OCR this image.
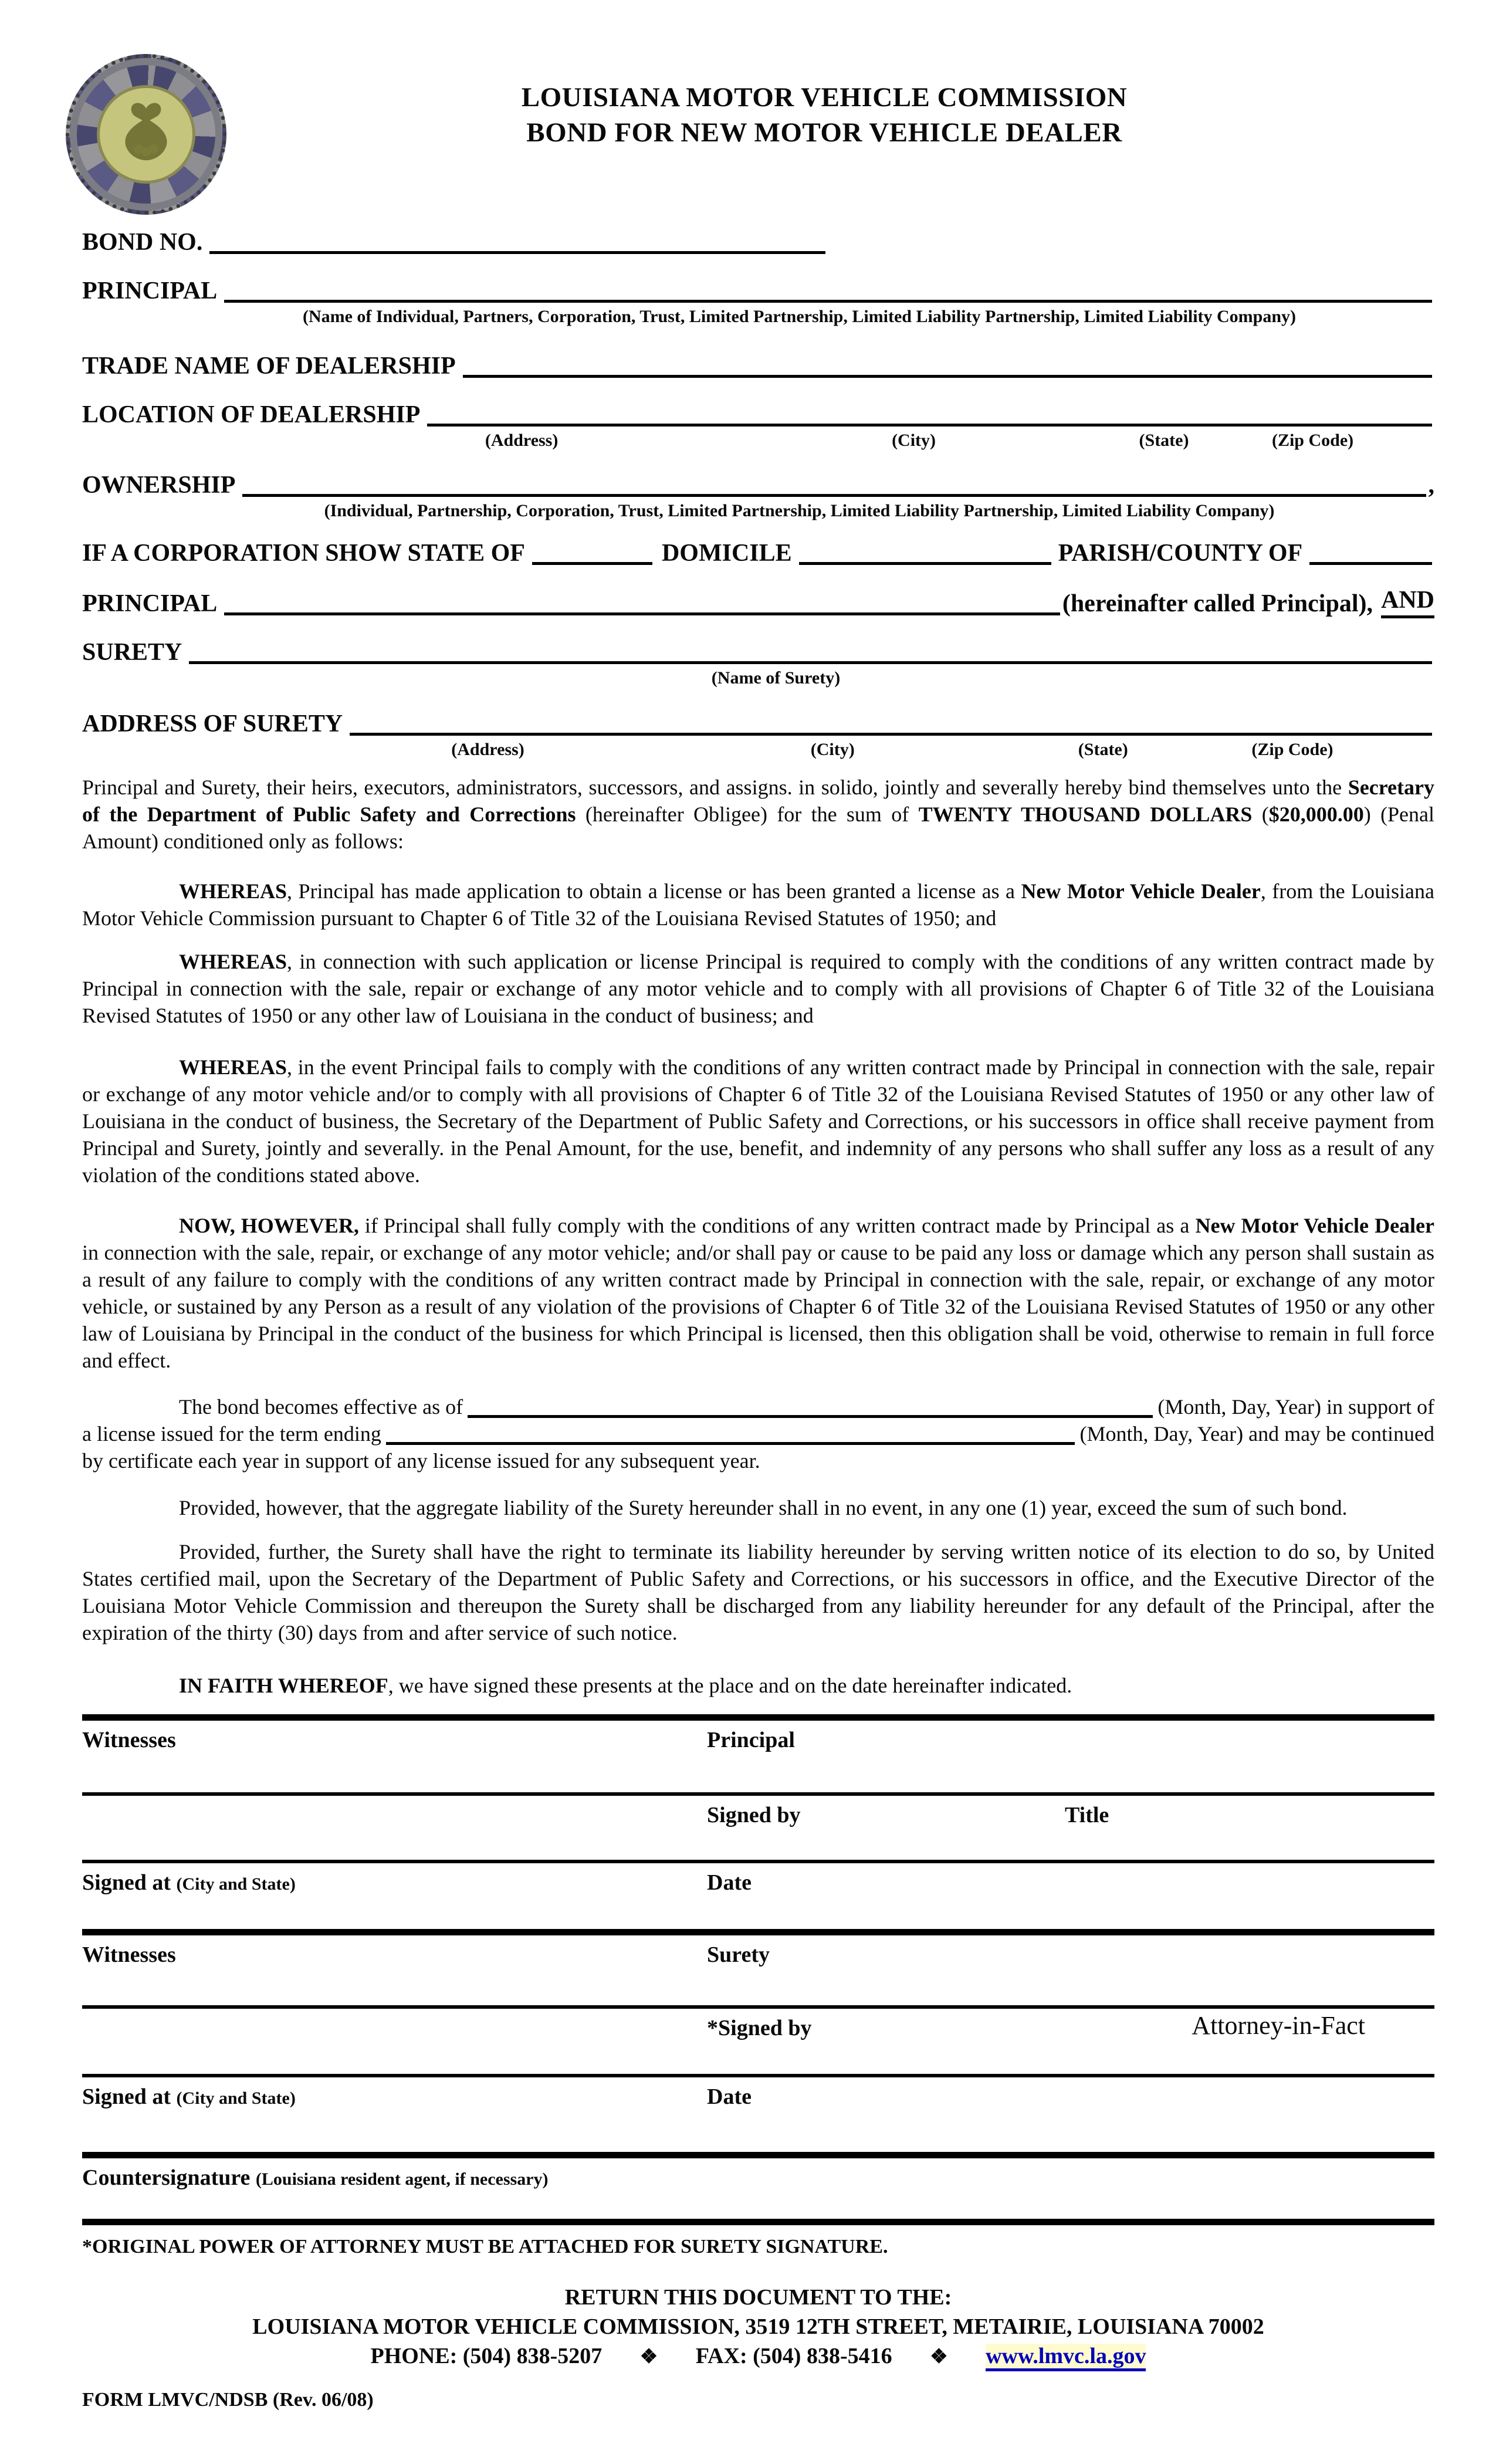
LOUISIANA MOTOR VEHICLE COMMISSION
BOND FOR NEW MOTOR VEHICLE DEALER
BOND NO.
PRINCIPAL
(Name of Individual, Partners, Corporation, Trust, Limited Partnership, Limited Liability Partnership, Limited Liability Company)
TRADE NAME OF DEALERSHIP
LOCATION OF DEALERSHIP
(Address)	(City)	(State)	(Zip Code)
OWNERSHIP	,
(Individual, Partnership, Corporation, Trust, Limited Partnership, Limited Liability Partnership, Limited Liability Company)
IF A CORPORATION SHOW STATE OF	DOMICILE	PARISH/COUNTY OF
PRINCIPAL	(hereinafter called Principal), AND
SURETY
(Name of Surety)
ADDRESS OF SURETY
(Address)	(City)	(State)	(Zip Code)

Principal and Surety, their heirs, executors, administrators, successors, and assigns. in solido, jointly and severally hereby bind themselves unto the Secretary of the Department of Public Safety and Corrections (hereinafter Obligee) for the sum of TWENTY THOUSAND DOLLARS ($20,000.00) (Penal Amount) conditioned only as follows:

WHEREAS, Principal has made application to obtain a license or has been granted a license as a New Motor Vehicle Dealer, from the Louisiana Motor Vehicle Commission pursuant to Chapter 6 of Title 32 of the Louisiana Revised Statutes of 1950; and

WHEREAS, in connection with such application or license Principal is required to comply with the conditions of any written contract made by Principal in connection with the sale, repair or exchange of any motor vehicle and to comply with all provisions of Chapter 6 of Title 32 of the Louisiana Revised Statutes of 1950 or any other law of Louisiana in the conduct of business; and

WHEREAS, in the event Principal fails to comply with the conditions of any written contract made by Principal in connection with the sale, repair or exchange of any motor vehicle and/or to comply with all provisions of Chapter 6 of Title 32 of the Louisiana Revised Statutes of 1950 or any other law of Louisiana in the conduct of business, the Secretary of the Department of Public Safety and Corrections, or his successors in office shall receive payment from Principal and Surety, jointly and severally. in the Penal Amount, for the use, benefit, and indemnity of any persons who shall suffer any loss as a result of any violation of the conditions stated above.

NOW, HOWEVER, if Principal shall fully comply with the conditions of any written contract made by Principal as a New Motor Vehicle Dealer in connection with the sale, repair, or exchange of any motor vehicle; and/or shall pay or cause to be paid any loss or damage which any person shall sustain as a result of any failure to comply with the conditions of any written contract made by Principal in connection with the sale, repair, or exchange of any motor vehicle, or sustained by any Person as a result of any violation of the provisions of Chapter 6 of Title 32 of the Louisiana Revised Statutes of 1950 or any other law of Louisiana by Principal in the conduct of the business for which Principal is licensed, then this obligation shall be void, otherwise to remain in full force and effect.

The bond becomes effective as of	(Month, Day, Year) in support of
a license issued for the term ending	(Month, Day, Year) and may be continued
by certificate each year in support of any license issued for any subsequent year.

Provided, however, that the aggregate liability of the Surety hereunder shall in no event, in any one (1) year, exceed the sum of such bond.

Provided, further, the Surety shall have the right to terminate its liability hereunder by serving written notice of its election to do so, by United States certified mail, upon the Secretary of the Department of Public Safety and Corrections, or his successors in office, and the Executive Director of the Louisiana Motor Vehicle Commission and thereupon the Surety shall be discharged from any liability hereunder for any default of the Principal, after the expiration of the thirty (30) days from and after service of such notice.

IN FAITH WHEREOF, we have signed these presents at the place and on the date hereinafter indicated.

Witnesses	Principal
Signed by	Title
Signed at (City and State)	Date
Witnesses	Surety
*Signed by	Attorney-in-Fact
Signed at (City and State)	Date
Countersignature (Louisiana resident agent, if necessary)
*ORIGINAL POWER OF ATTORNEY MUST BE ATTACHED FOR SURETY SIGNATURE.
RETURN THIS DOCUMENT TO THE:
LOUISIANA MOTOR VEHICLE COMMISSION, 3519 12TH STREET, METAIRIE, LOUISIANA 70002
PHONE: (504) 838-5207 ❖ FAX: (504) 838-5416 ❖ www.lmvc.la.gov
FORM LMVC/NDSB (Rev. 06/08)
